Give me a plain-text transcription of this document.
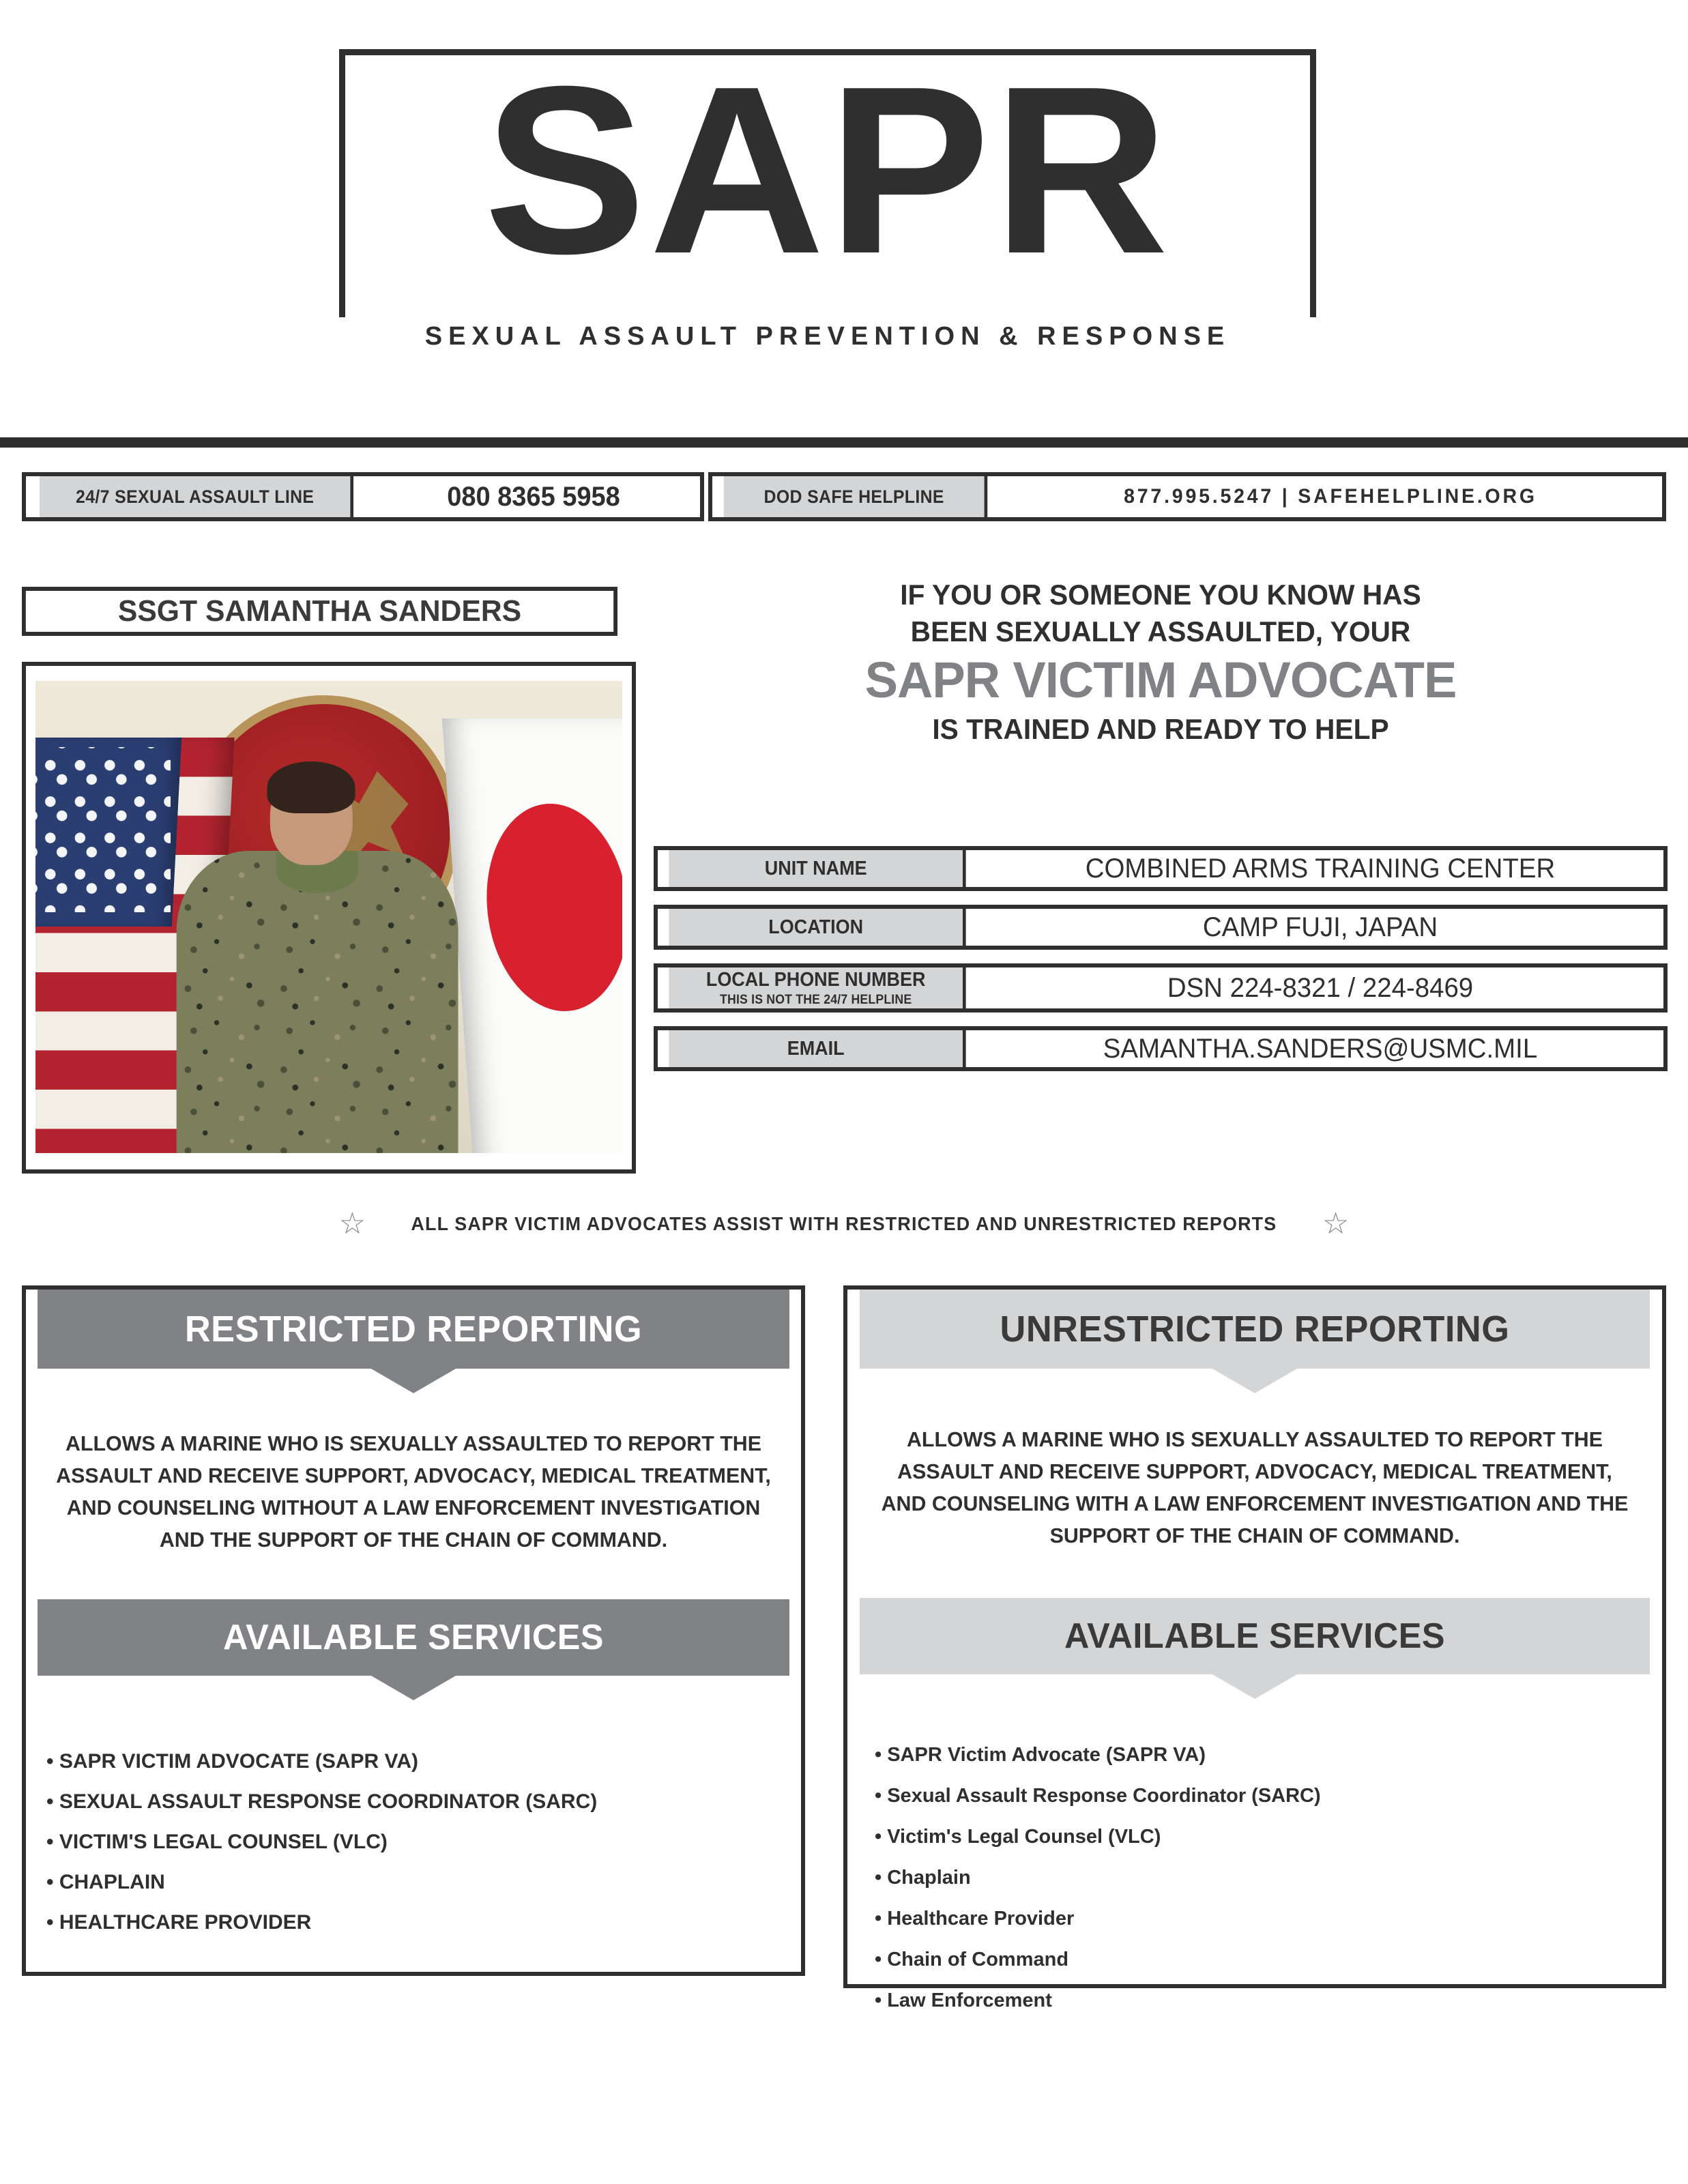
SAPR
SEXUAL ASSAULT PREVENTION & RESPONSE
24/7 SEXUAL ASSAULT LINE	080 8365 5958	DOD SAFE HELPLINE	877.995.5247 | SAFEHELPLINE.ORG
SSGT SAMANTHA SANDERS	IF YOU OR SOMEONE YOU KNOW HAS
BEEN SEXUALLY ASSAULTED, YOUR
SAPR VICTIM ADVOCATE
IS TRAINED AND READY TO HELP
UNIT NAME	COMBINED ARMS TRAINING CENTER
LOCATION	CAMP FUJI, JAPAN
LOCAL PHONE NUMBER
THIS IS NOT THE 24/7 HELPLINE	DSN 224-8321 / 224-8469
EMAIL	SAMANTHA.SANDERS@USMC.MIL
☆ ALL SAPR VICTIM ADVOCATES ASSIST WITH RESTRICTED AND UNRESTRICTED REPORTS ☆
RESTRICTED REPORTING
ALLOWS A MARINE WHO IS SEXUALLY ASSAULTED TO REPORT THE ASSAULT AND RECEIVE SUPPORT, ADVOCACY, MEDICAL TREATMENT, AND COUNSELING WITHOUT A LAW ENFORCEMENT INVESTIGATION AND THE SUPPORT OF THE CHAIN OF COMMAND.
AVAILABLE SERVICES
• SAPR VICTIM ADVOCATE (SAPR VA)
• SEXUAL ASSAULT RESPONSE COORDINATOR (SARC)
• VICTIM'S LEGAL COUNSEL (VLC)
• CHAPLAIN
• HEALTHCARE PROVIDER
UNRESTRICTED REPORTING
ALLOWS A MARINE WHO IS SEXUALLY ASSAULTED TO REPORT THE ASSAULT AND RECEIVE SUPPORT, ADVOCACY, MEDICAL TREATMENT, AND COUNSELING WITH A LAW ENFORCEMENT INVESTIGATION AND THE SUPPORT OF THE CHAIN OF COMMAND.
AVAILABLE SERVICES
• SAPR Victim Advocate (SAPR VA)
• Sexual Assault Response Coordinator (SARC)
• Victim's Legal Counsel (VLC)
• Chaplain
• Healthcare Provider
• Chain of Command
• Law Enforcement
